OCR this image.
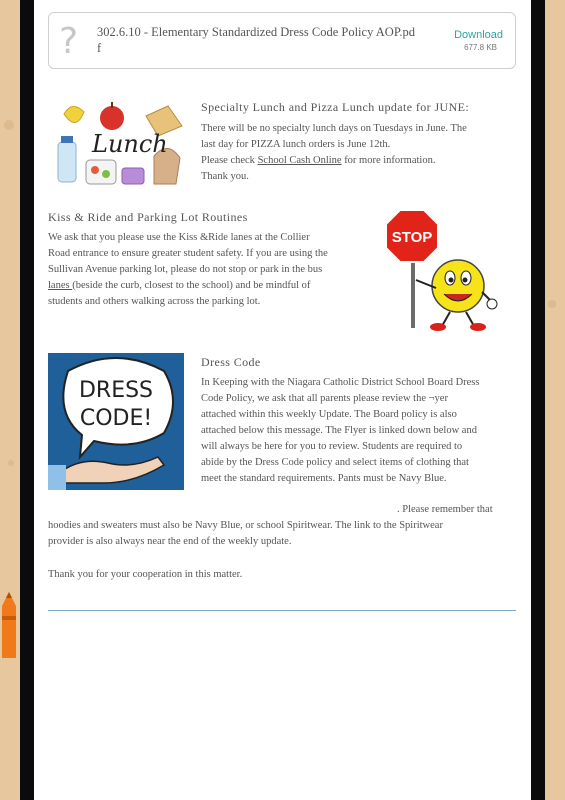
? 302.6.10 - Elementary Standardized Dress Code Policy AOP.pd
f
Download
677.8 KB
Lunch
Specialty Lunch and Pizza Lunch update for JUNE:
There will be no specialty lunch days on Tuesdays in June. The
last day for PIZZA lunch orders is June 12th.
Please check School Cash Online for more information.
Thank you.
Kiss & Ride and Parking Lot Routines
We ask that you please use the Kiss &Ride lanes at the Collier
Road entrance to ensure greater student safety. If you are using the
Sullivan Avenue parking lot, please do not stop or park in the bus
lanes (beside the curb, closest to the school) and be mindful of
students and others walking across the parking lot.
STOP
DRESS
CODE!
Dress Code
In Keeping with the Niagara Catholic District School Board Dress
Code Policy, we ask that all parents please review the ¬yer
attached within this weekly Update. The Board policy is also
attached below this message. The Flyer is linked down below and
will always be here for you to review. Students are required to
abide by the Dress Code policy and select items of clothing that
meet the standard requirements. Pants must be Navy Blue.
. Please remember that
hoodies and sweaters must also be Navy Blue, or school Spiritwear. The link to the Spiritwear
provider is also always near the end of the weekly update.
Thank you for your cooperation in this matter.
